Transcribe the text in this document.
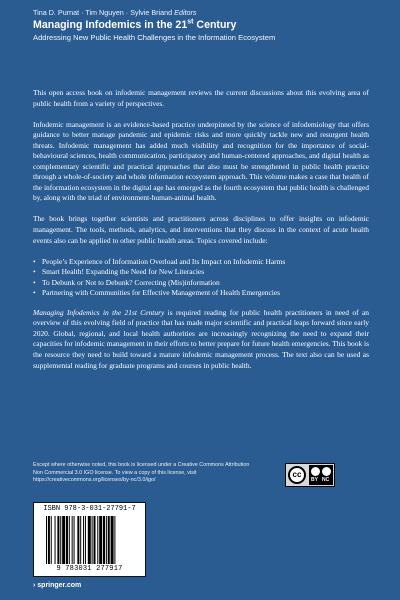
Tina D. Purnat · Tim Nguyen · Sylvie Briand Editors
Managing Infodemics in the 21st Century
Addressing New Public Health Challenges in the Information Ecosystem

This open access book on infodemic management reviews the current discussions about this evolving area of public health from a variety of perspectives.

Infodemic management is an evidence-based practice underpinned by the science of infodemiology that offers guidance to better manage pandemic and epidemic risks and more quickly tackle new and resurgent health threats. Infodemic management has added much visibility and recognition for the importance of social-behavioural sciences, health communication, participatory and human-centered approaches, and digital health as complementary scientific and practical approaches that also must be strengthened in public health practice through a whole-of-society and whole information ecosystem approach. This volume makes a case that health of the information ecosystem in the digital age has emerged as the fourth ecosystem that public health is challenged by, along with the triad of environment-human-animal health.

The book brings together scientists and practitioners across disciplines to offer insights on infodemic management. The tools, methods, analytics, and interventions that they discuss in the context of acute health events also can be applied to other public health areas. Topics covered include:

• People’s Experience of Information Overload and Its Impact on Infodemic Harms
• Smart Health! Expanding the Need for New Literacies
• To Debunk or Not to Debunk? Correcting (Mis)information
• Partnering with Communities for Effective Management of Health Emergencies

Managing Infodemics in the 21st Century is required reading for public health practitioners in need of an overview of this evolving field of practice that has made major scientific and practical leaps forward since early 2020. Global, regional, and local health authorities are increasingly recognizing the need to expand their capacities for infodemic management in their efforts to better prepare for future health emergencies. This book is the resource they need to build toward a mature infodemic management process. The text also can be used as supplemental reading for graduate programs and courses in public health.

Except where otherwise noted, this book is licensed under a Creative Commons Attribution Non Commercial 3.0 IGO license. To view a copy of this license, visit https://creativecommons.org/licenses/by-nc/3.0/igo/
cc
BY NC
ISBN 978-3-031-27791-7
9 783031 277917
› springer.com
